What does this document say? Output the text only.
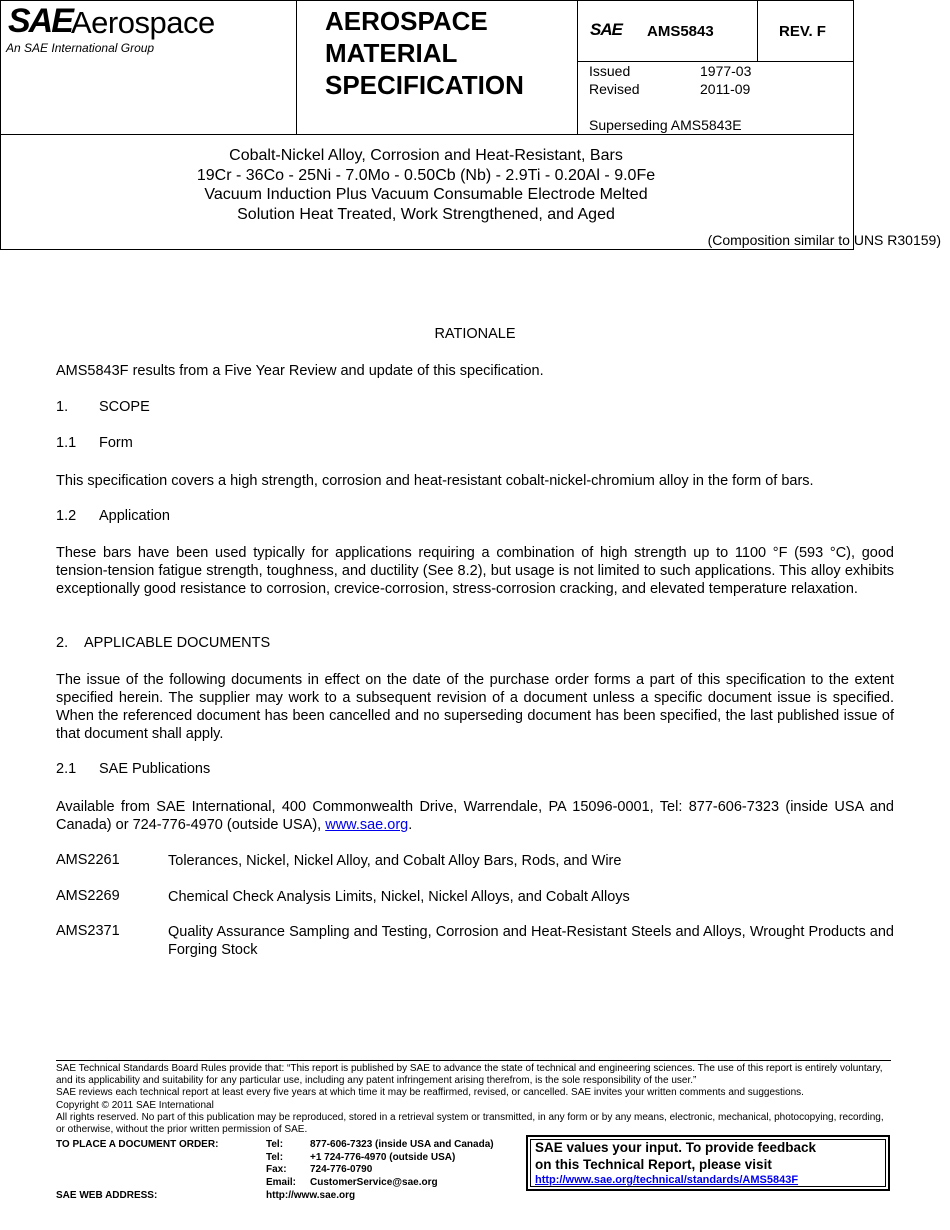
SAE Aerospace
An SAE International Group
AEROSPACE
MATERIAL
SPECIFICATION
SAE AMS5843	REV. F
Issued	1977-03
Revised	2011-09
Superseding AMS5843E
Cobalt-Nickel Alloy, Corrosion and Heat-Resistant, Bars
19Cr - 36Co - 25Ni - 7.0Mo - 0.50Cb (Nb) - 2.9Ti - 0.20Al - 9.0Fe
Vacuum Induction Plus Vacuum Consumable Electrode Melted
Solution Heat Treated, Work Strengthened, and Aged
(Composition similar to UNS R30159)
RATIONALE
AMS5843F results from a Five Year Review and update of this specification.
1. SCOPE
1.1 Form
This specification covers a high strength, corrosion and heat-resistant cobalt-nickel-chromium alloy in the form of bars.
1.2 Application
These bars have been used typically for applications requiring a combination of high strength up to 1100 °F (593 °C), good tension-tension fatigue strength, toughness, and ductility (See 8.2), but usage is not limited to such applications. This alloy exhibits exceptionally good resistance to corrosion, crevice-corrosion, stress-corrosion cracking, and elevated temperature relaxation.
2. APPLICABLE DOCUMENTS
The issue of the following documents in effect on the date of the purchase order forms a part of this specification to the extent specified herein. The supplier may work to a subsequent revision of a document unless a specific document issue is specified. When the referenced document has been cancelled and no superseding document has been specified, the last published issue of that document shall apply.
2.1 SAE Publications
Available from SAE International, 400 Commonwealth Drive, Warrendale, PA 15096-0001, Tel: 877-606-7323 (inside USA and Canada) or 724-776-4970 (outside USA), www.sae.org.
AMS2261	Tolerances, Nickel, Nickel Alloy, and Cobalt Alloy Bars, Rods, and Wire
AMS2269	Chemical Check Analysis Limits, Nickel, Nickel Alloys, and Cobalt Alloys
AMS2371	Quality Assurance Sampling and Testing, Corrosion and Heat-Resistant Steels and Alloys, Wrought Products and Forging Stock
SAE Technical Standards Board Rules provide that: “This report is published by SAE to advance the state of technical and engineering sciences. The use of this report is entirely voluntary, and its applicability and suitability for any particular use, including any patent infringement arising therefrom, is the sole responsibility of the user.”
SAE reviews each technical report at least every five years at which time it may be reaffirmed, revised, or cancelled. SAE invites your written comments and suggestions.
Copyright © 2011 SAE International
All rights reserved. No part of this publication may be reproduced, stored in a retrieval system or transmitted, in any form or by any means, electronic, mechanical, photocopying, recording, or otherwise, without the prior written permission of SAE.
TO PLACE A DOCUMENT ORDER:	Tel:	877-606-7323 (inside USA and Canada)
Tel:	+1 724-776-4970 (outside USA)
Fax: 724-776-0790
Email: CustomerService@sae.org
SAE WEB ADDRESS:	http://www.sae.org
SAE values your input. To provide feedback
on this Technical Report, please visit
http://www.sae.org/technical/standards/AMS5843F
